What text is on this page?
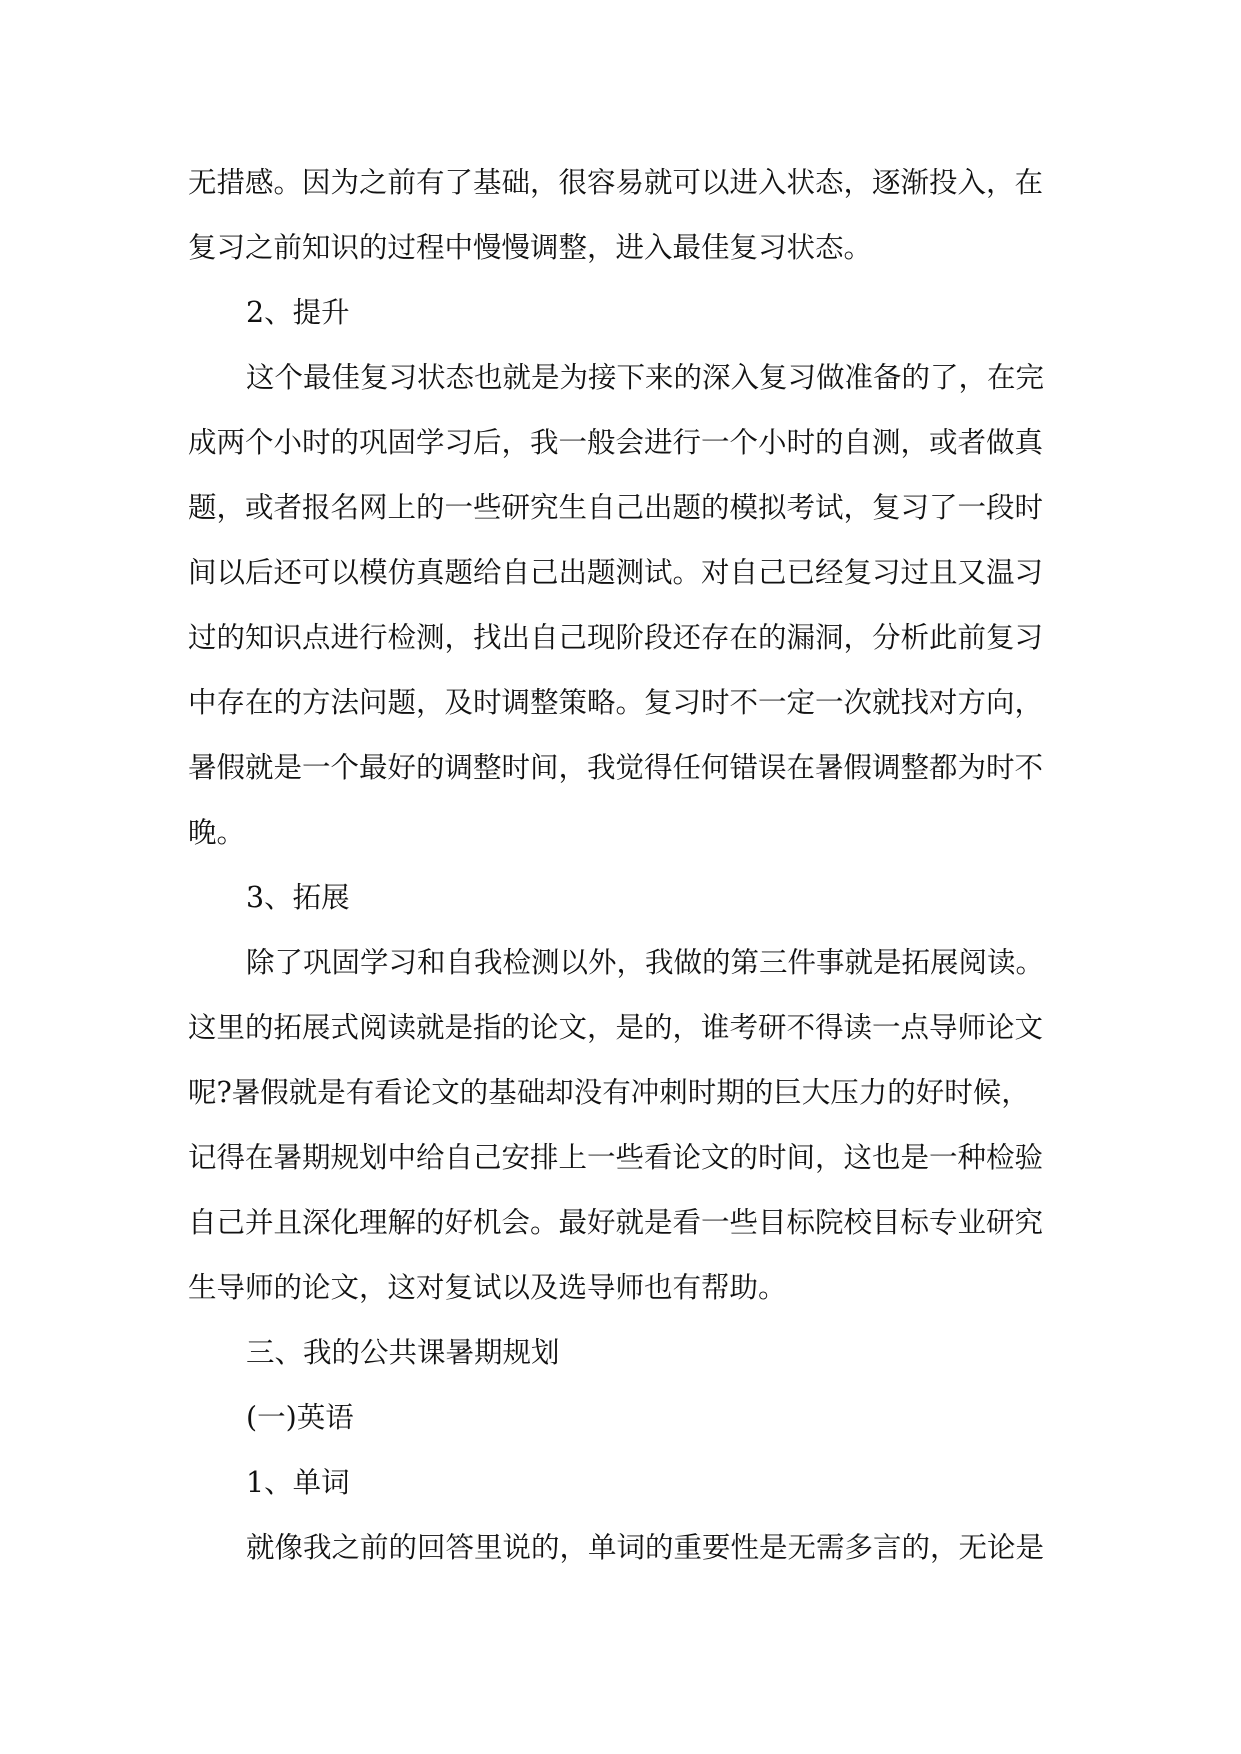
无措感。因为之前有了基础，很容易就可以进入状态，逐渐投入，在
复习之前知识的过程中慢慢调整，进入最佳复习状态。
2、提升
这个最佳复习状态也就是为接下来的深入复习做准备的了，在完
成两个小时的巩固学习后，我一般会进行一个小时的自测，或者做真
题，或者报名网上的一些研究生自己出题的模拟考试，复习了一段时
间以后还可以模仿真题给自己出题测试。对自己已经复习过且又温习
过的知识点进行检测，找出自己现阶段还存在的漏洞，分析此前复习
中存在的方法问题，及时调整策略。复习时不一定一次就找对方向，
暑假就是一个最好的调整时间，我觉得任何错误在暑假调整都为时不
晚。
3、拓展
除了巩固学习和自我检测以外，我做的第三件事就是拓展阅读。
这里的拓展式阅读就是指的论文，是的，谁考研不得读一点导师论文
呢?暑假就是有看论文的基础却没有冲刺时期的巨大压力的好时候，
记得在暑期规划中给自己安排上一些看论文的时间，这也是一种检验
自己并且深化理解的好机会。最好就是看一些目标院校目标专业研究
生导师的论文，这对复试以及选导师也有帮助。
三、我的公共课暑期规划
(一)英语
1、单词
就像我之前的回答里说的，单词的重要性是无需多言的，无论是
